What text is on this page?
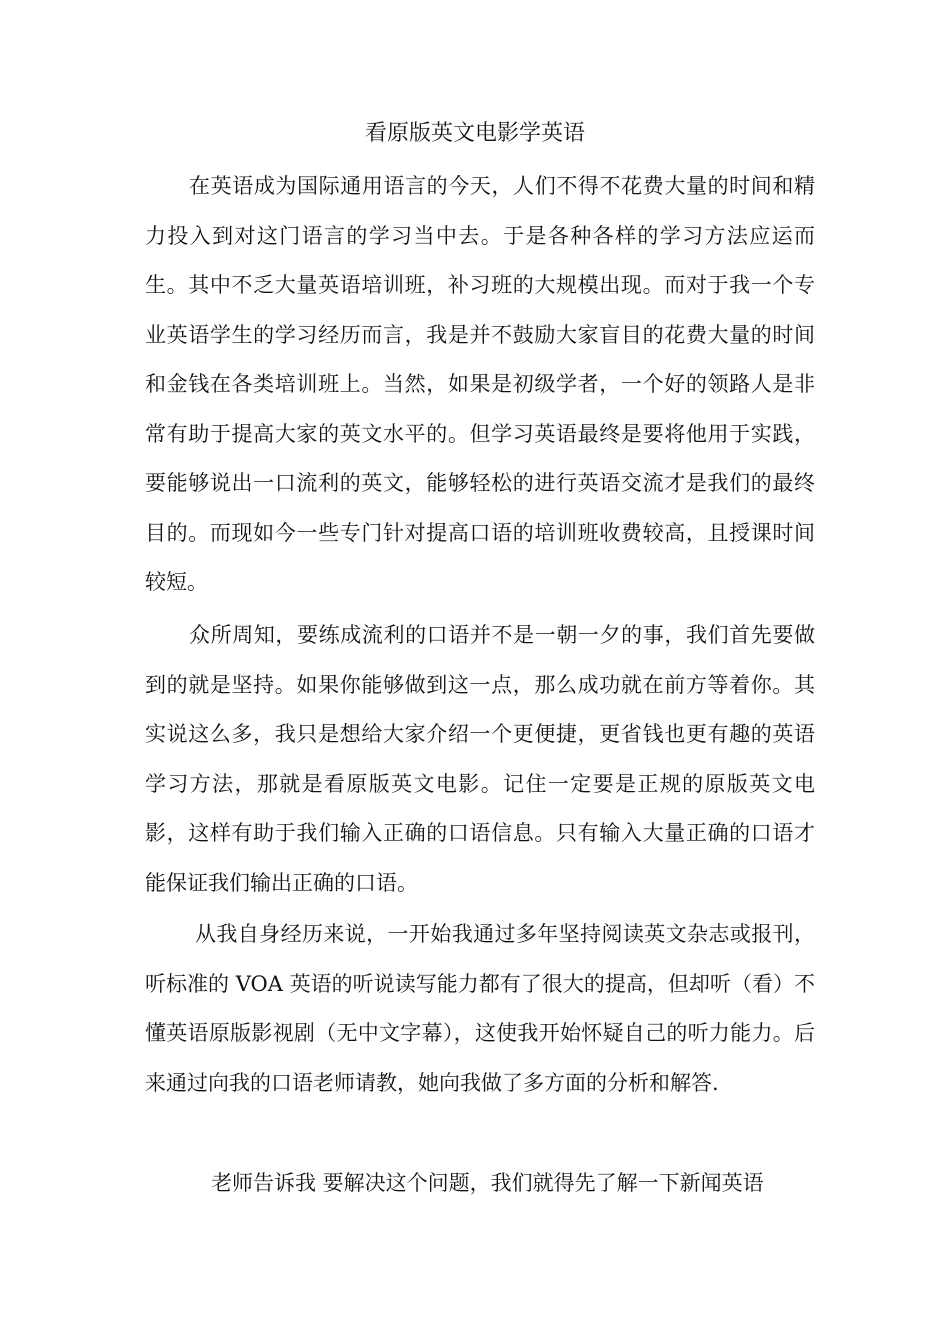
看原版英文电影学英语

在英语成为国际通用语言的今天，人们不得不花费大量的时间和精力投入到对这门语言的学习当中去。于是各种各样的学习方法应运而生。其中不乏大量英语培训班，补习班的大规模出现。而对于我一个专业英语学生的学习经历而言，我是并不鼓励大家盲目的花费大量的时间和金钱在各类培训班上。当然，如果是初级学者，一个好的领路人是非常有助于提高大家的英文水平的。但学习英语最终是要将他用于实践，要能够说出一口流利的英文，能够轻松的进行英语交流才是我们的最终目的。而现如今一些专门针对提高口语的培训班收费较高，且授课时间较短。

众所周知，要练成流利的口语并不是一朝一夕的事，我们首先要做到的就是坚持。如果你能够做到这一点，那么成功就在前方等着你。其实说这么多，我只是想给大家介绍一个更便捷，更省钱也更有趣的英语学习方法，那就是看原版英文电影。记住一定要是正规的原版英文电影，这样有助于我们输入正确的口语信息。只有输入大量正确的口语才能保证我们输出正确的口语。

从我自身经历来说，一开始我通过多年坚持阅读英文杂志或报刊，听标准的 VOA 英语的听说读写能力都有了很大的提高，但却听（看）不懂英语原版影视剧（无中文字幕），这使我开始怀疑自己的听力能力。后来通过向我的口语老师请教，她向我做了多方面的分析和解答.

老师告诉我 要解决这个问题，我们就得先了解一下新闻英语
